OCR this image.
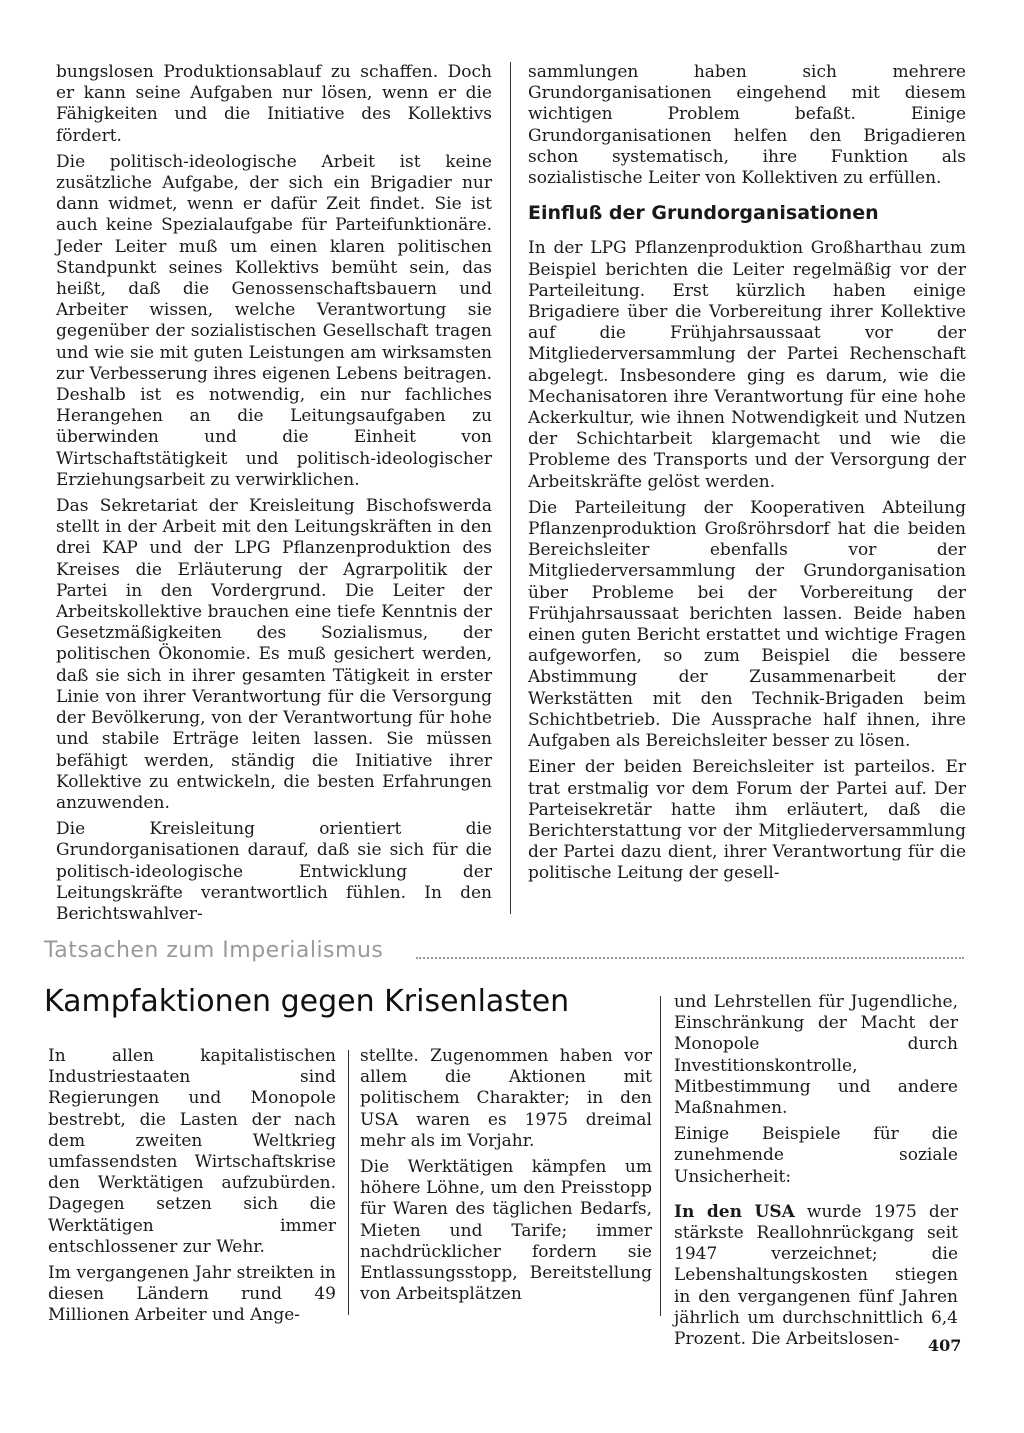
bungslosen Produktionsablauf zu schaffen. Doch er kann seine Aufgaben nur lösen, wenn er die Fähigkeiten und die Initiative des Kollektivs fördert.

Die politisch-ideologische Arbeit ist keine zusätzliche Aufgabe, der sich ein Brigadier nur dann widmet, wenn er dafür Zeit findet. Sie ist auch keine Spezialaufgabe für Parteifunktionäre. Jeder Leiter muß um einen klaren politischen Standpunkt seines Kollektivs bemüht sein, das heißt, daß die Genossenschaftsbauern und Arbeiter wissen, welche Verantwortung sie gegenüber der sozialistischen Gesellschaft tragen und wie sie mit guten Leistungen am wirksamsten zur Verbesserung ihres eigenen Lebens beitragen. Deshalb ist es notwendig, ein nur fachliches Herangehen an die Leitungsaufgaben zu überwinden und die Einheit von Wirtschaftstätigkeit und politisch-ideologischer Erziehungsarbeit zu verwirklichen.

Das Sekretariat der Kreisleitung Bischofswerda stellt in der Arbeit mit den Leitungskräften in den drei KAP und der LPG Pflanzenproduktion des Kreises die Erläuterung der Agrarpolitik der Partei in den Vordergrund. Die Leiter der Arbeitskollektive brauchen eine tiefe Kenntnis der Gesetzmäßigkeiten des Sozialismus, der politischen Ökonomie. Es muß gesichert werden, daß sie sich in ihrer gesamten Tätigkeit in erster Linie von ihrer Verantwortung für die Versorgung der Bevölkerung, von der Verantwortung für hohe und stabile Erträge leiten lassen. Sie müssen befähigt werden, ständig die Initiative ihrer Kollektive zu entwickeln, die besten Erfahrungen anzuwenden.

Die Kreisleitung orientiert die Grundorganisationen darauf, daß sie sich für die politisch-ideologische Entwicklung der Leitungskräfte verantwortlich fühlen. In den Berichtswahlver-

sammlungen haben sich mehrere Grundorganisationen eingehend mit diesem wichtigen Problem befaßt. Einige Grundorganisationen helfen den Brigadieren schon systematisch, ihre Funktion als sozialistische Leiter von Kollektiven zu erfüllen.

Einfluß der Grundorganisationen

In der LPG Pflanzenproduktion Großharthau zum Beispiel berichten die Leiter regelmäßig vor der Parteileitung. Erst kürzlich haben einige Brigadiere über die Vorbereitung ihrer Kollektive auf die Frühjahrsaussaat vor der Mitgliederversammlung der Partei Rechenschaft abgelegt. Insbesondere ging es darum, wie die Mechanisatoren ihre Verantwortung für eine hohe Ackerkultur, wie ihnen Notwendigkeit und Nutzen der Schichtarbeit klargemacht und wie die Probleme des Transports und der Versorgung der Arbeitskräfte gelöst werden.

Die Parteileitung der Kooperativen Abteilung Pflanzenproduktion Großröhrsdorf hat die beiden Bereichsleiter ebenfalls vor der Mitgliederversammlung der Grundorganisation über Probleme bei der Vorbereitung der Frühjahrsaussaat berichten lassen. Beide haben einen guten Bericht erstattet und wichtige Fragen aufgeworfen, so zum Beispiel die bessere Abstimmung der Zusammenarbeit der Werkstätten mit den Technik-Brigaden beim Schichtbetrieb. Die Aussprache half ihnen, ihre Aufgaben als Bereichsleiter besser zu lösen.

Einer der beiden Bereichsleiter ist parteilos. Er trat erstmalig vor dem Forum der Partei auf. Der Parteisekretär hatte ihm erläutert, daß die Berichterstattung vor der Mitgliederversammlung der Partei dazu dient, ihrer Verantwortung für die politische Leitung der gesell-

Tatsachen zum Imperialismus
Kampfaktionen gegen Krisenlasten

In allen kapitalistischen Industriestaaten sind Regierungen und Monopole bestrebt, die Lasten der nach dem zweiten Weltkrieg umfassendsten Wirtschaftskrise den Werktätigen aufzubürden. Dagegen setzen sich die Werktätigen immer entschlossener zur Wehr.

Im vergangenen Jahr streikten in diesen Ländern rund 49 Millionen Arbeiter und Ange-

stellte. Zugenommen haben vor allem die Aktionen mit politischem Charakter; in den USA waren es 1975 dreimal mehr als im Vorjahr.

Die Werktätigen kämpfen um höhere Löhne, um den Preisstopp für Waren des täglichen Bedarfs, Mieten und Tarife; immer nachdrücklicher fordern sie Entlassungsstopp, Bereitstellung von Arbeitsplätzen

und Lehrstellen für Jugendliche, Einschränkung der Macht der Monopole durch Investitionskontrolle, Mitbestimmung und andere Maßnahmen.

Einige Beispiele für die zunehmende soziale Unsicherheit:

In den USA wurde 1975 der stärkste Reallohnrückgang seit 1947 verzeichnet; die Lebenshaltungskosten stiegen in den vergangenen fünf Jahren jährlich um durchschnittlich 6,4 Prozent. Die Arbeitslosen-	407
